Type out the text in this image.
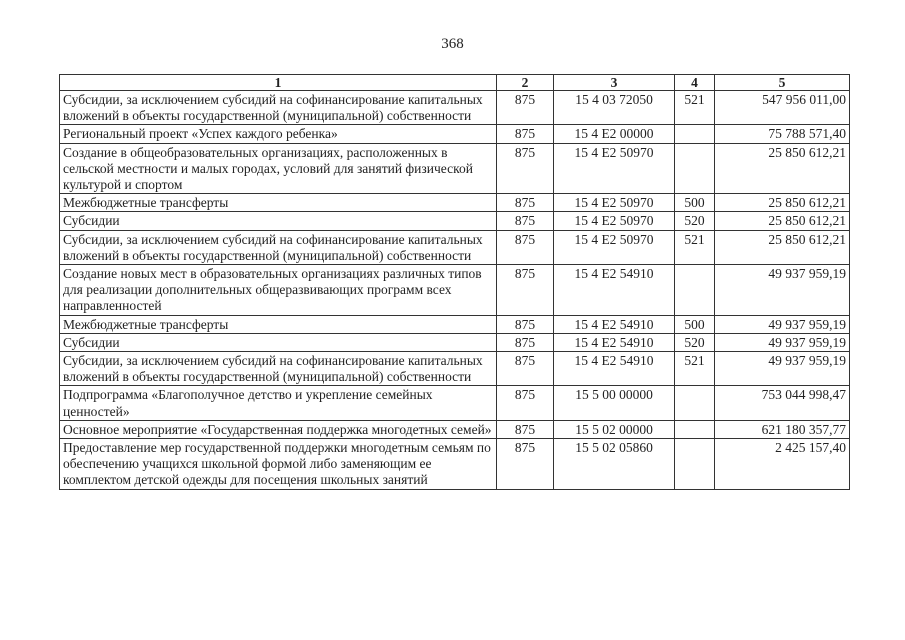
368
1	2	3	4	5
Субсидии, за исключением субсидий на софинансирование капитальных вложений в объекты государственной (муниципальной) собственности	875	15 4 03 72050	521	547 956 011,00
Региональный проект «Успех каждого ребенка»	875	15 4 E2 00000		75 788 571,40
Создание в общеобразовательных организациях, расположенных в сельской местности и малых городах, условий для занятий физической культурой и спортом	875	15 4 E2 50970		25 850 612,21
Межбюджетные трансферты	875	15 4 E2 50970	500	25 850 612,21
Субсидии	875	15 4 E2 50970	520	25 850 612,21
Субсидии, за исключением субсидий на софинансирование капитальных вложений в объекты государственной (муниципальной) собственности	875	15 4 E2 50970	521	25 850 612,21
Создание новых мест в образовательных организациях различных типов для реализации дополнительных общеразвивающих программ всех направленностей	875	15 4 E2 54910		49 937 959,19
Межбюджетные трансферты	875	15 4 E2 54910	500	49 937 959,19
Субсидии	875	15 4 E2 54910	520	49 937 959,19
Субсидии, за исключением субсидий на софинансирование капитальных вложений в объекты государственной (муниципальной) собственности	875	15 4 E2 54910	521	49 937 959,19
Подпрограмма «Благополучное детство и укрепление семейных ценностей»	875	15 5 00 00000		753 044 998,47
Основное мероприятие «Государственная поддержка многодетных семей»	875	15 5 02 00000		621 180 357,77
Предоставление мер государственной поддержки многодетным семьям по обеспечению учащихся школьной формой либо заменяющим ее комплектом детской одежды для посещения школьных занятий	875	15 5 02 05860		2 425 157,40
